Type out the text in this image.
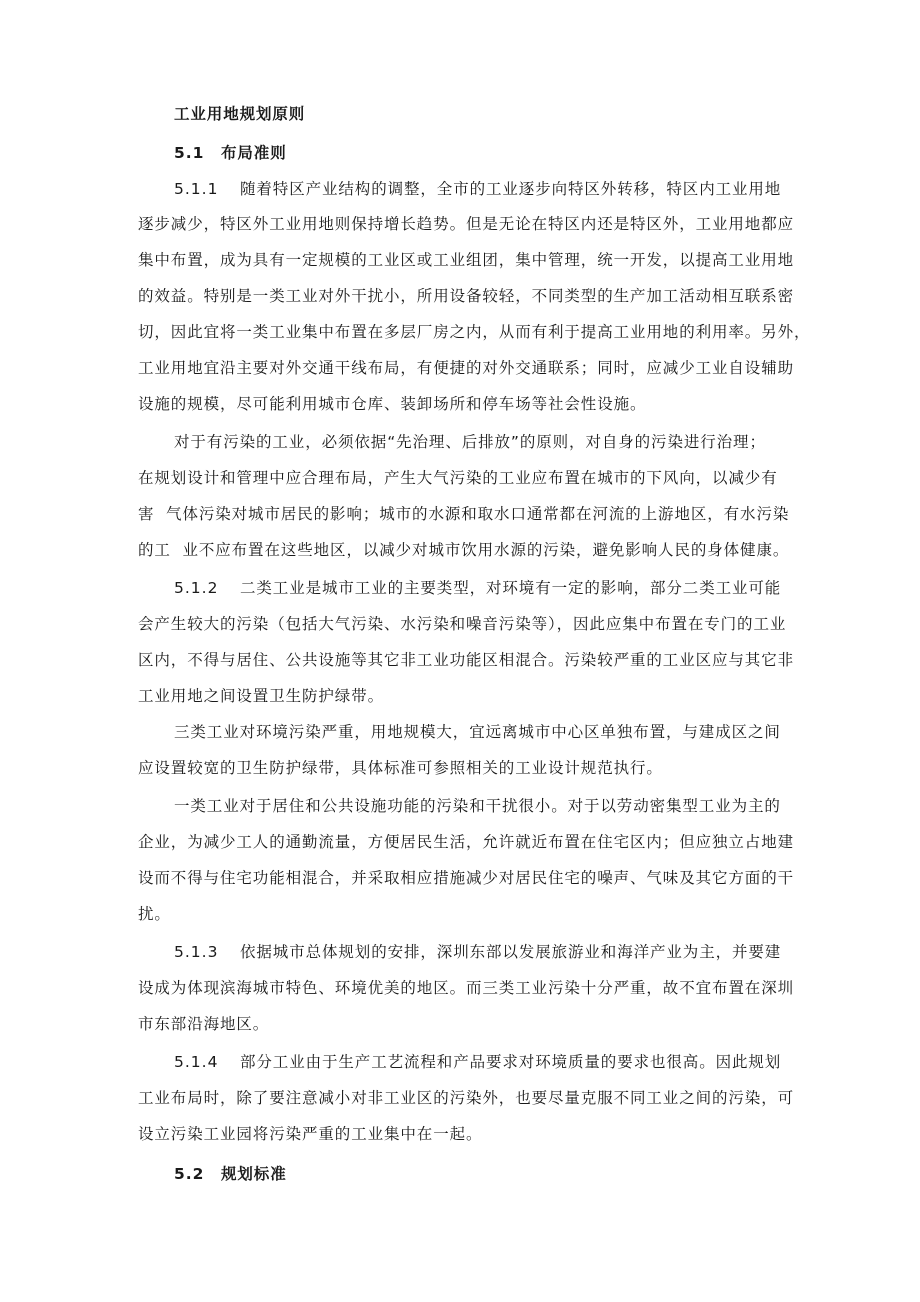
工业用地规划原则
5.1 布局准则
5.1.1 随着特区产业结构的调整，全市的工业逐步向特区外转移，特区内工业用地
逐步减少，特区外工业用地则保持增长趋势。但是无论在特区内还是特区外，工业用地都应
集中布置，成为具有一定规模的工业区或工业组团，集中管理，统一开发，以提高工业用地
的效益。特别是一类工业对外干扰小，所用设备较轻，不同类型的生产加工活动相互联系密
切，因此宜将一类工业集中布置在多层厂房之内，从而有利于提高工业用地的利用率。另外，
工业用地宜沿主要对外交通干线布局，有便捷的对外交通联系；同时，应减少工业自设辅助
设施的规模，尽可能利用城市仓库、装卸场所和停车场等社会性设施。
对于有污染的工业，必须依据“先治理、后排放”的原则，对自身的污染进行治理；
在规划设计和管理中应合理布局，产生大气污染的工业应布置在城市的下风向，以减少有
害  气体污染对城市居民的影响；城市的水源和取水口通常都在河流的上游地区，有水污染
的工  业不应布置在这些地区，以减少对城市饮用水源的污染，避免影响人民的身体健康。
5.1.2 二类工业是城市工业的主要类型，对环境有一定的影响，部分二类工业可能
会产生较大的污染（包括大气污染、水污染和噪音污染等），因此应集中布置在专门的工业
区内，不得与居住、公共设施等其它非工业功能区相混合。污染较严重的工业区应与其它非
工业用地之间设置卫生防护绿带。
三类工业对环境污染严重，用地规模大，宜远离城市中心区单独布置，与建成区之间
应设置较宽的卫生防护绿带，具体标准可参照相关的工业设计规范执行。
一类工业对于居住和公共设施功能的污染和干扰很小。对于以劳动密集型工业为主的
企业，为减少工人的通勤流量，方便居民生活，允许就近布置在住宅区内；但应独立占地建
设而不得与住宅功能相混合，并采取相应措施减少对居民住宅的噪声、气味及其它方面的干
扰。
5.1.3 依据城市总体规划的安排，深圳东部以发展旅游业和海洋产业为主，并要建
设成为体现滨海城市特色、环境优美的地区。而三类工业污染十分严重，故不宜布置在深圳
市东部沿海地区。
5.1.4 部分工业由于生产工艺流程和产品要求对环境质量的要求也很高。因此规划
工业布局时，除了要注意减小对非工业区的污染外，也要尽量克服不同工业之间的污染，可
设立污染工业园将污染严重的工业集中在一起。
5.2 规划标准
